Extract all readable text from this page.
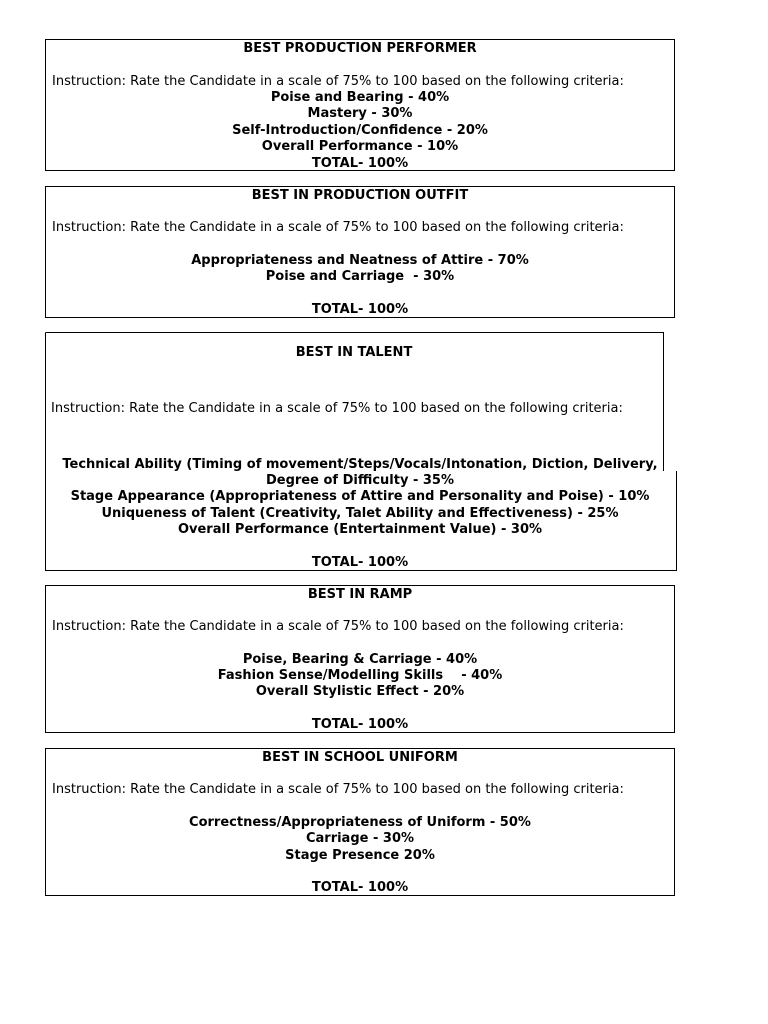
BEST PRODUCTION PERFORMER
Instruction: Rate the Candidate in a scale of 75% to 100 based on the following criteria:
Poise and Bearing - 40%
Mastery - 30%
Self-Introduction/Confidence - 20%
Overall Performance - 10%
TOTAL- 100%
BEST IN PRODUCTION OUTFIT
Instruction: Rate the Candidate in a scale of 75% to 100 based on the following criteria:
Appropriateness and Neatness of Attire - 70%
Poise and Carriage  - 30%
TOTAL- 100%
BEST IN TALENT
Instruction: Rate the Candidate in a scale of 75% to 100 based on the following criteria:
Technical Ability (Timing of movement/Steps/Vocals/Intonation, Diction, Delivery,
Degree of Difficulty - 35%
Stage Appearance (Appropriateness of Attire and Personality and Poise) - 10%
Uniqueness of Talent (Creativity, Talet Ability and Effectiveness) - 25%
Overall Performance (Entertainment Value) - 30%
TOTAL- 100%
BEST IN RAMP
Instruction: Rate the Candidate in a scale of 75% to 100 based on the following criteria:
Poise, Bearing & Carriage - 40%
Fashion Sense/Modelling Skills    - 40%
Overall Stylistic Effect - 20%
TOTAL- 100%
BEST IN SCHOOL UNIFORM
Instruction: Rate the Candidate in a scale of 75% to 100 based on the following criteria:
Correctness/Appropriateness of Uniform - 50%
Carriage - 30%
Stage Presence 20%
TOTAL- 100%
